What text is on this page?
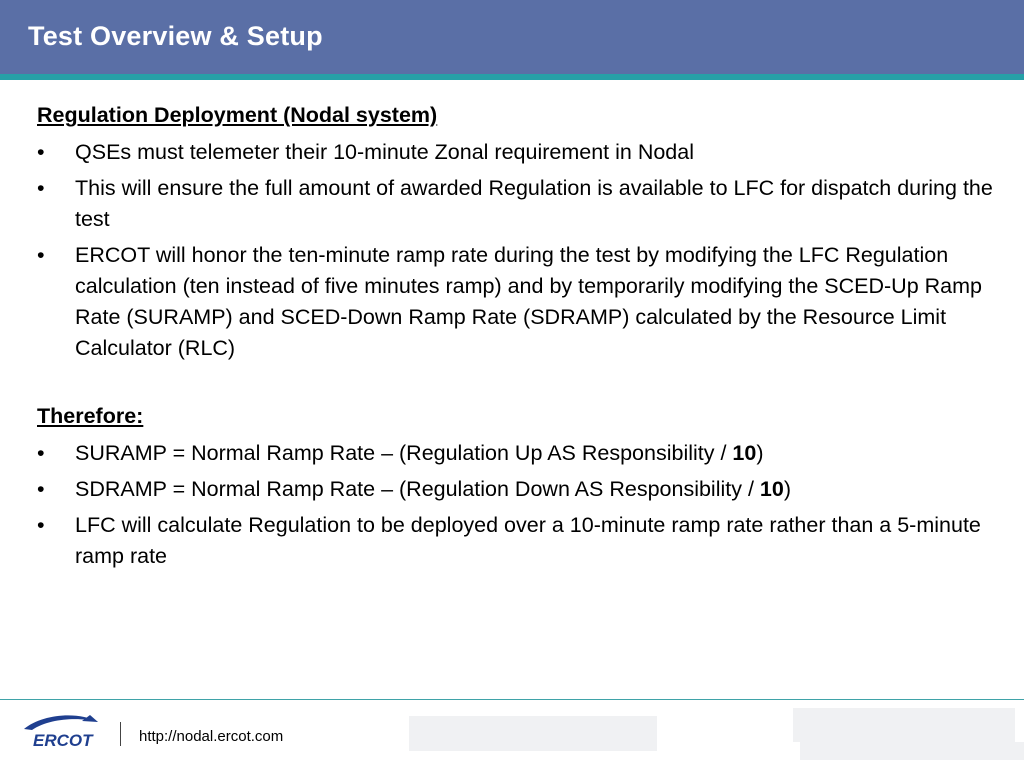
Test Overview & Setup
Regulation Deployment (Nodal system)
• QSEs must telemeter their 10-minute Zonal requirement in Nodal
• This will ensure the full amount of awarded Regulation is available to LFC for dispatch during the test
• ERCOT will honor the ten-minute ramp rate during the test by modifying the LFC Regulation calculation (ten instead of five minutes ramp) and by temporarily modifying the SCED-Up Ramp Rate (SURAMP) and SCED-Down Ramp Rate (SDRAMP) calculated by the Resource Limit Calculator (RLC)
Therefore:
• SURAMP = Normal Ramp Rate – (Regulation Up AS Responsibility / 10)
• SDRAMP = Normal Ramp Rate – (Regulation Down AS Responsibility / 10)
• LFC will calculate Regulation to be deployed over a 10-minute ramp rate rather than a 5-minute ramp rate
ERCOT	http://nodal.ercot.com
